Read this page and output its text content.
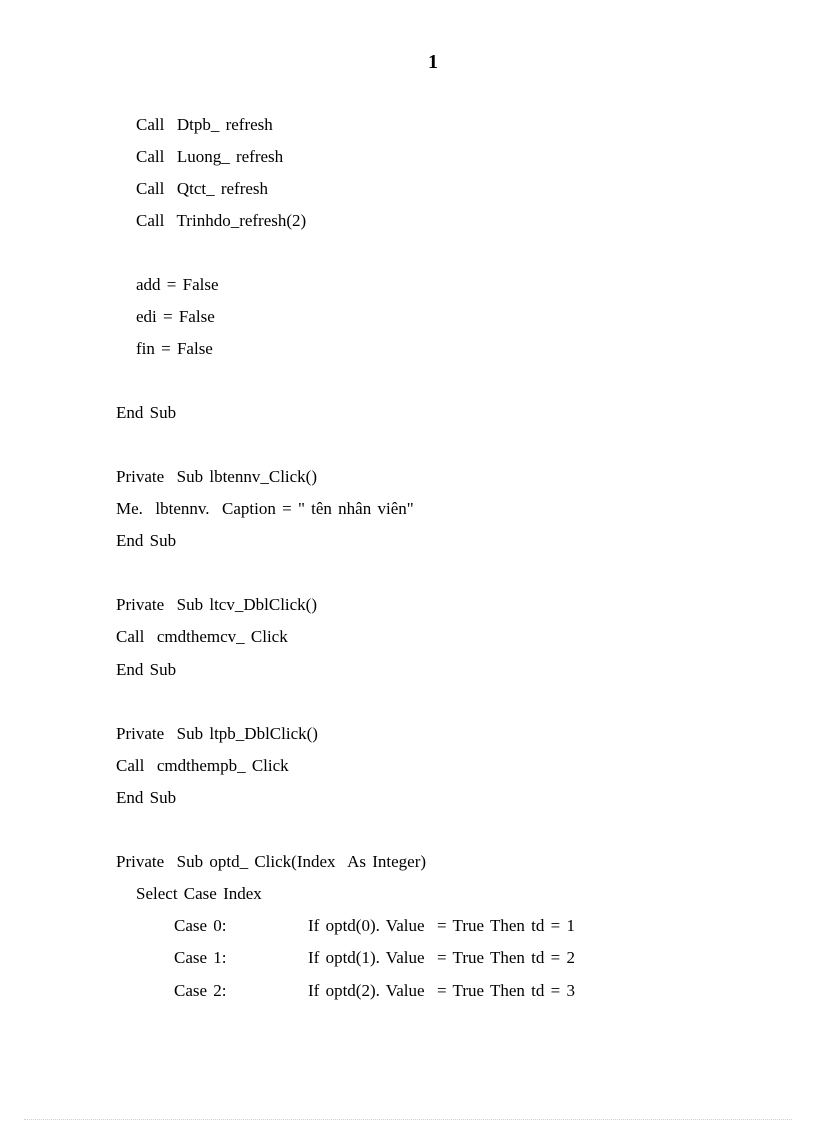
1
Call  Dtpb_ refresh
Call  Luong_ refresh
Call  Qtct_ refresh
Call  Trinhdo_refresh(2)
add = False
edi = False
fin = False
End Sub
Private  Sub lbtennv_Click()
Me.  lbtennv.  Caption = " tên nhân viên"
End Sub
Private  Sub ltcv_DblClick()
Call  cmdthemcv_ Click
End Sub
Private  Sub ltpb_DblClick()
Call  cmdthempb_ Click
End Sub
Private  Sub optd_ Click(Index  As Integer)
Select Case Index
Case 0:	If optd(0). Value  = True Then td = 1
Case 1:	If optd(1). Value  = True Then td = 2
Case 2:	If optd(2). Value  = True Then td = 3
